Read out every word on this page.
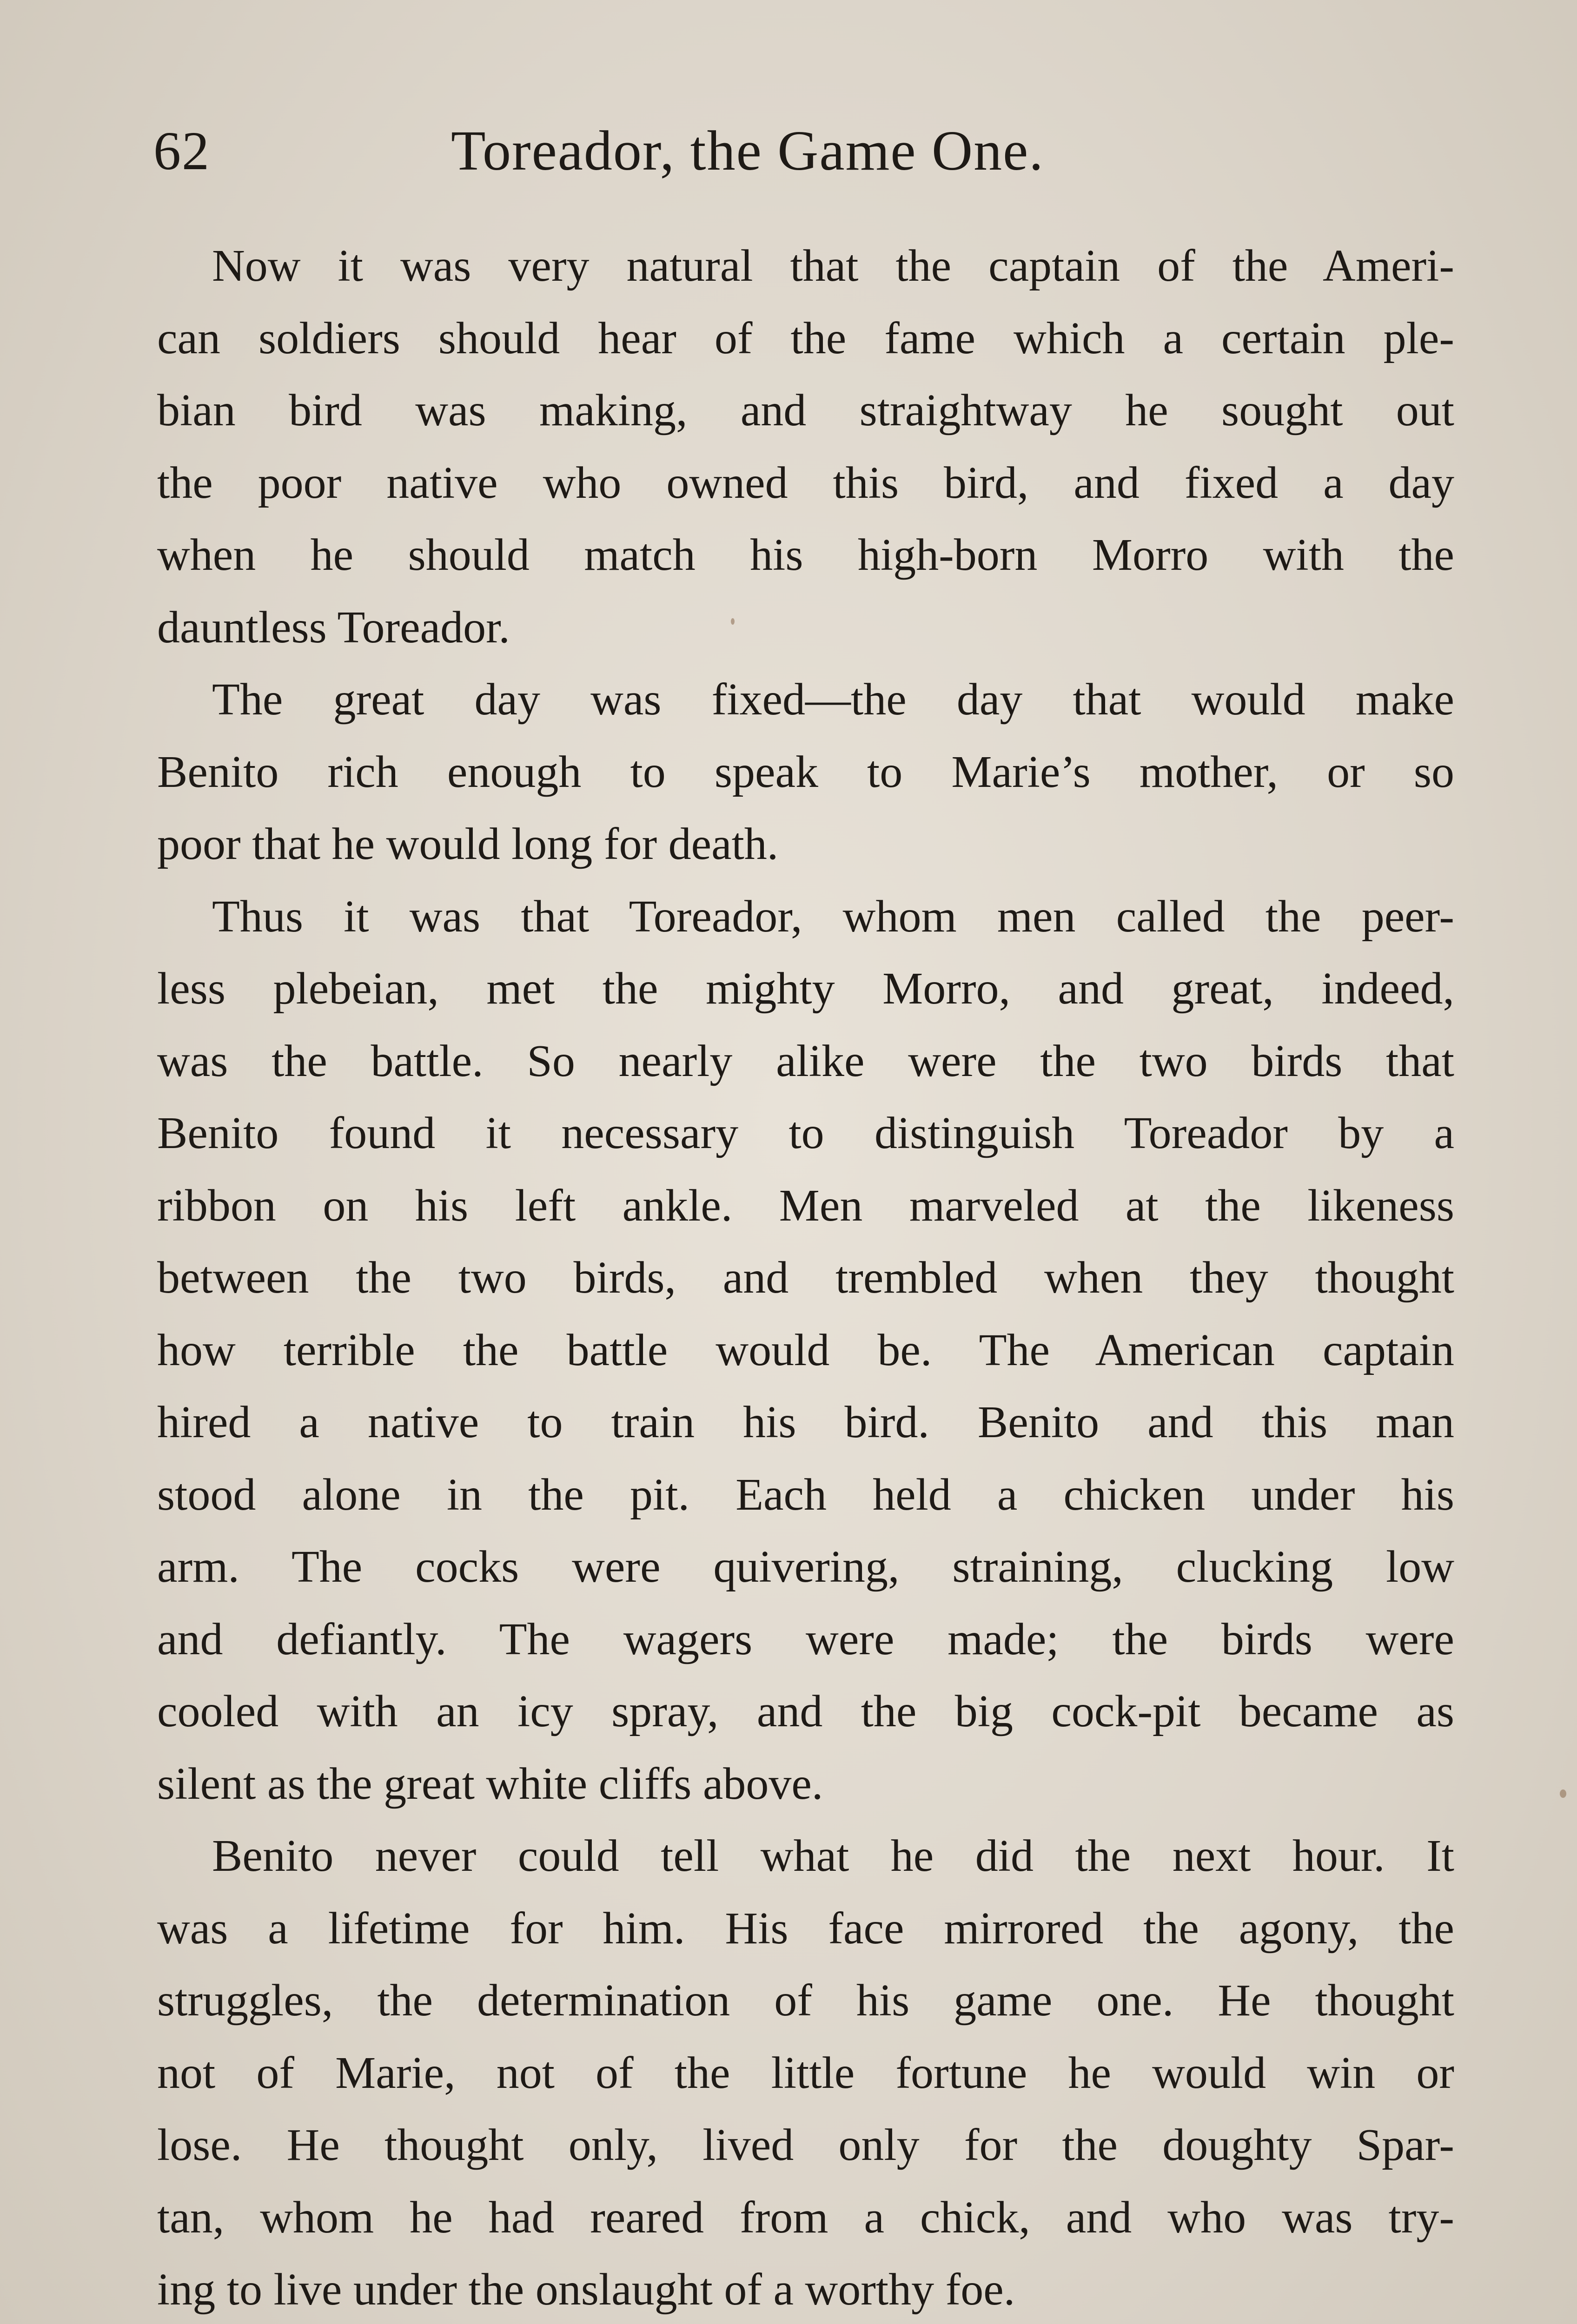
62	Toreador, the Game One.

Now it was very natural that the captain of the Ameri-
can soldiers should hear of the fame which a certain ple-
bian bird was making, and straightway he sought out
the poor native who owned this bird, and fixed a day
when he should match his high-born Morro with the
dauntless Toreador.

The great day was fixed—the day that would make
Benito rich enough to speak to Marie’s mother, or so
poor that he would long for death.

Thus it was that Toreador, whom men called the peer-
less plebeian, met the mighty Morro, and great, indeed,
was the battle. So nearly alike were the two birds that
Benito found it necessary to distinguish Toreador by a
ribbon on his left ankle. Men marveled at the likeness
between the two birds, and trembled when they thought
how terrible the battle would be. The American captain
hired a native to train his bird. Benito and this man
stood alone in the pit. Each held a chicken under his
arm. The cocks were quivering, straining, clucking low
and defiantly. The wagers were made; the birds were
cooled with an icy spray, and the big cock-pit became as
silent as the great white cliffs above.

Benito never could tell what he did the next hour. It
was a lifetime for him. His face mirrored the agony, the
struggles, the determination of his game one. He thought
not of Marie, not of the little fortune he would win or
lose. He thought only, lived only for the doughty Spar-
tan, whom he had reared from a chick, and who was try-
ing to live under the onslaught of a worthy foe.
